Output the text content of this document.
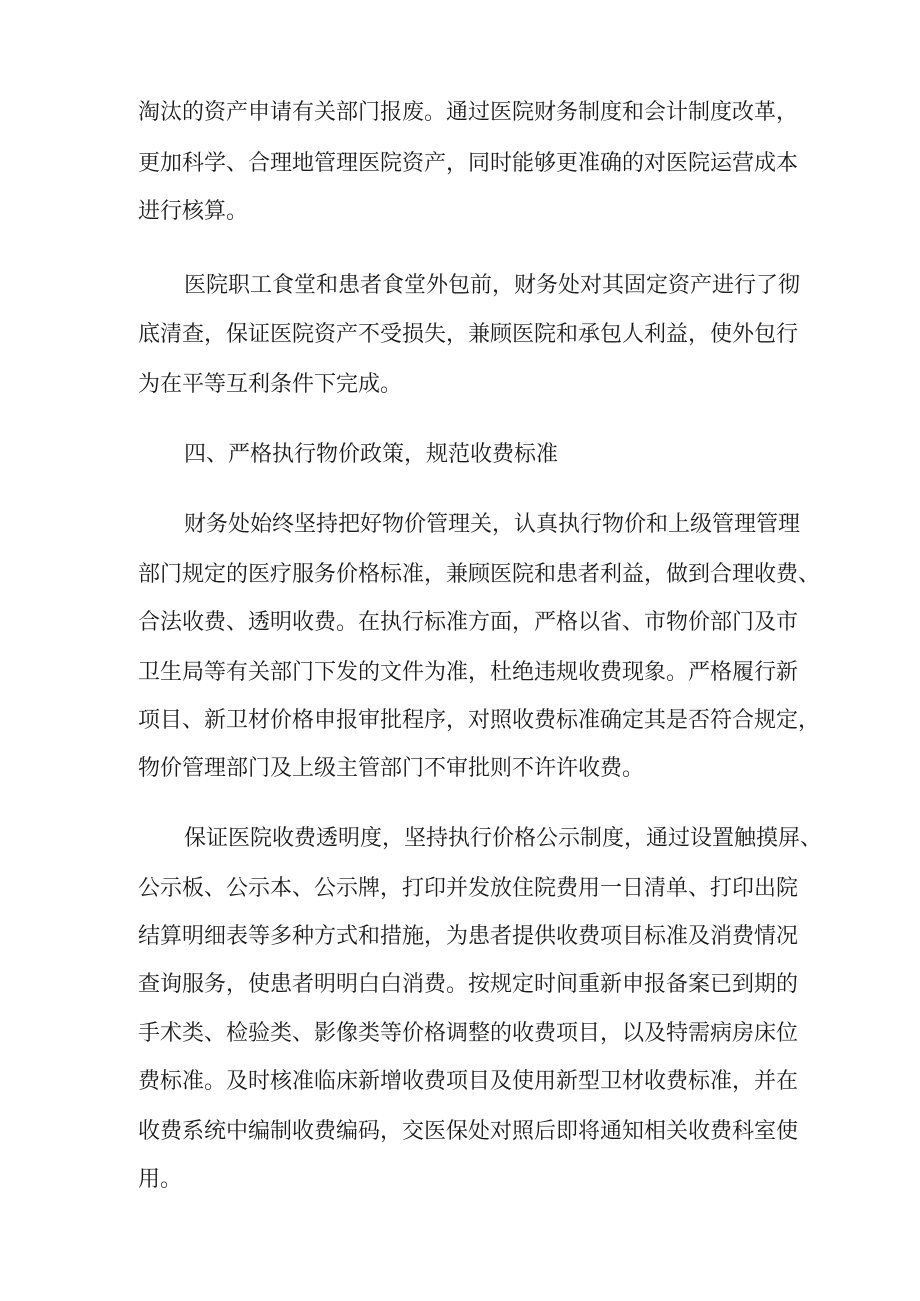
淘汰的资产申请有关部门报废。通过医院财务制度和会计制度改革，
更加科学、合理地管理医院资产，同时能够更准确的对医院运营成本
进行核算。
医院职工食堂和患者食堂外包前，财务处对其固定资产进行了彻
底清查，保证医院资产不受损失，兼顾医院和承包人利益，使外包行
为在平等互利条件下完成。
四、严格执行物价政策，规范收费标准
财务处始终坚持把好物价管理关，认真执行物价和上级管理管理
部门规定的医疗服务价格标准，兼顾医院和患者利益，做到合理收费、
合法收费、透明收费。在执行标准方面，严格以省、市物价部门及市
卫生局等有关部门下发的文件为准，杜绝违规收费现象。严格履行新
项目、新卫材价格申报审批程序，对照收费标准确定其是否符合规定，
物价管理部门及上级主管部门不审批则不许许收费。
保证医院收费透明度，坚持执行价格公示制度，通过设置触摸屏、
公示板、公示本、公示牌，打印并发放住院费用一日清单、打印出院
结算明细表等多种方式和措施，为患者提供收费项目标准及消费情况
查询服务，使患者明明白白消费。按规定时间重新申报备案已到期的
手术类、检验类、影像类等价格调整的收费项目，以及特需病房床位
费标准。及时核准临床新增收费项目及使用新型卫材收费标准，并在
收费系统中编制收费编码，交医保处对照后即将通知相关收费科室使
用。
